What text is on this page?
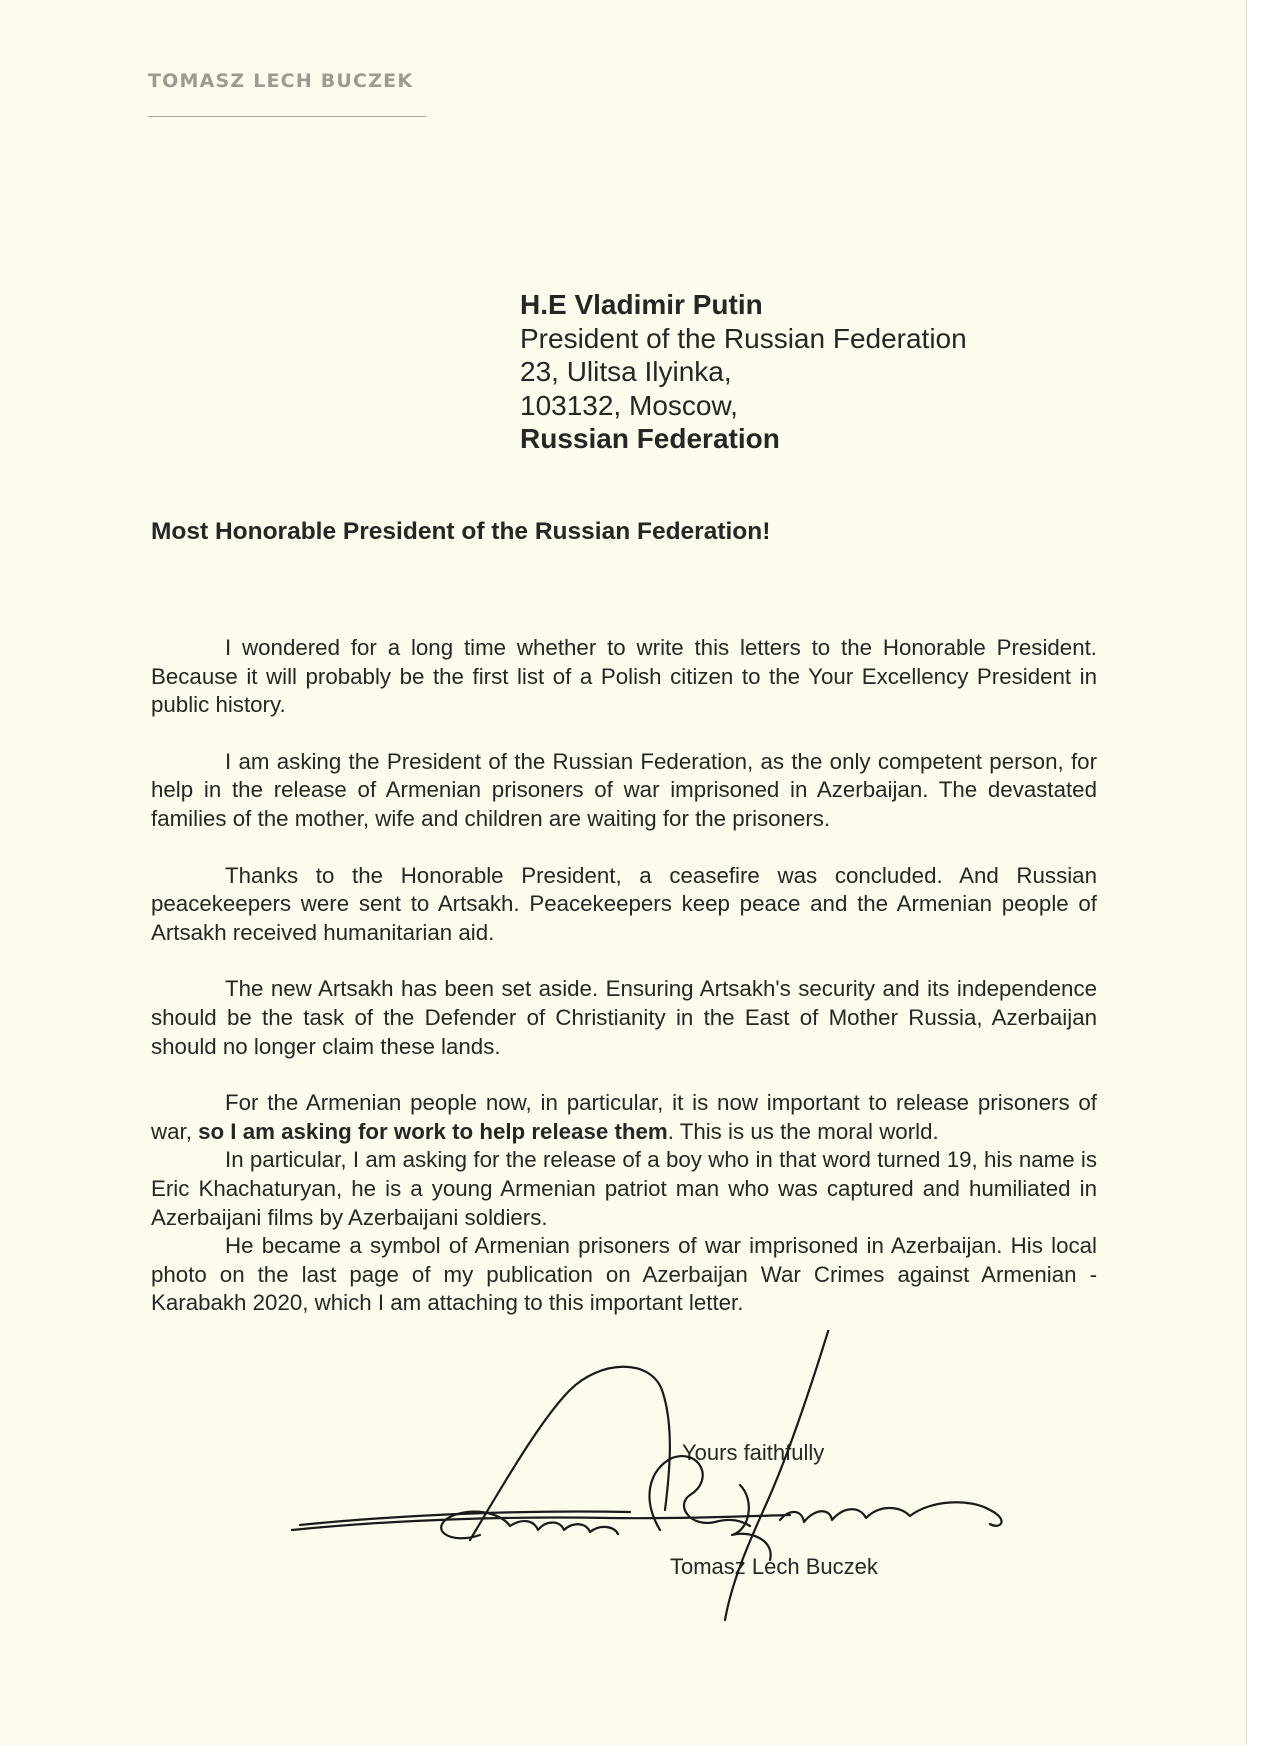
TOMASZ LECH BUCZEK
H.E Vladimir Putin
President of the Russian Federation
23, Ulitsa Ilyinka,
103132, Moscow,
Russian Federation
Most Honorable President of the Russian Federation!

I wondered for a long time whether to write this letters to the Honorable President. Because it will probably be the first list of a Polish citizen to the Your Excellency President in public history.

I am asking the President of the Russian Federation, as the only competent person, for help in the release of Armenian prisoners of war imprisoned in Azerbaijan. The devastated families of the mother, wife and children are waiting for the prisoners.

Thanks to the Honorable President, a ceasefire was concluded. And Russian peacekeepers were sent to Artsakh. Peacekeepers keep peace and the Armenian people of Artsakh received humanitarian aid.

The new Artsakh has been set aside. Ensuring Artsakh's security and its independence should be the task of the Defender of Christianity in the East of Mother Russia, Azerbaijan should no longer claim these lands.

For the Armenian people now, in particular, it is now important to release prisoners of war, so I am asking for work to help release them. This is us the moral world.

In particular, I am asking for the release of a boy who in that word turned 19, his name is Eric Khachaturyan, he is a young Armenian patriot man who was captured and humiliated in Azerbaijani films by Azerbaijani soldiers.

He became a symbol of Armenian prisoners of war imprisoned in Azerbaijan. His local photo on the last page of my publication on Azerbaijan War Crimes against Armenian - Karabakh 2020, which I am attaching to this important letter.

Yours faithfully
Tomasz Lech Buczek
